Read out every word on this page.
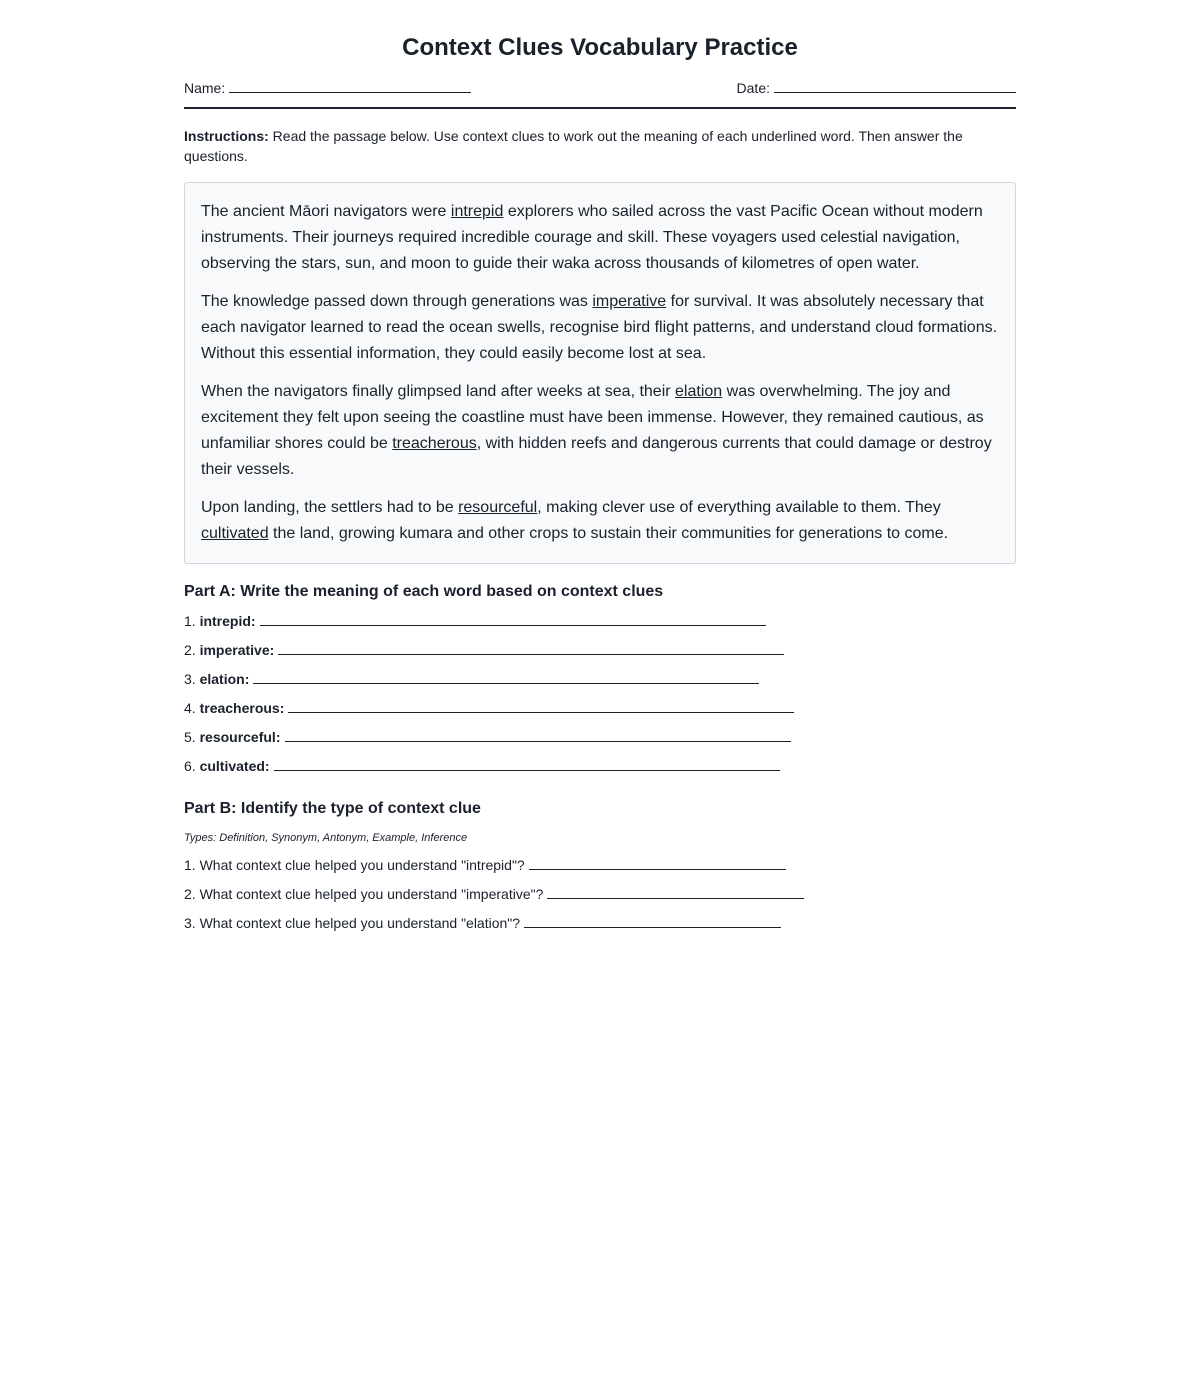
Context Clues Vocabulary Practice
Name:	Date:
Instructions: Read the passage below. Use context clues to work out the meaning of each underlined word. Then answer the questions.

The ancient Māori navigators were intrepid explorers who sailed across the vast Pacific Ocean without modern instruments. Their journeys required incredible courage and skill. These voyagers used celestial navigation, observing the stars, sun, and moon to guide their waka across thousands of kilometres of open water.

The knowledge passed down through generations was imperative for survival. It was absolutely necessary that each navigator learned to read the ocean swells, recognise bird flight patterns, and understand cloud formations. Without this essential information, they could easily become lost at sea.

When the navigators finally glimpsed land after weeks at sea, their elation was overwhelming. The joy and excitement they felt upon seeing the coastline must have been immense. However, they remained cautious, as unfamiliar shores could be treacherous, with hidden reefs and dangerous currents that could damage or destroy their vessels.

Upon landing, the settlers had to be resourceful, making clever use of everything available to them. They cultivated the land, growing kumara and other crops to sustain their communities for generations to come.

Part A: Write the meaning of each word based on context clues
1. intrepid:
2. imperative:
3. elation:
4. treacherous:
5. resourceful:
6. cultivated:
Part B: Identify the type of context clue
Types: Definition, Synonym, Antonym, Example, Inference
1. What context clue helped you understand "intrepid"?
2. What context clue helped you understand "imperative"?
3. What context clue helped you understand "elation"?
